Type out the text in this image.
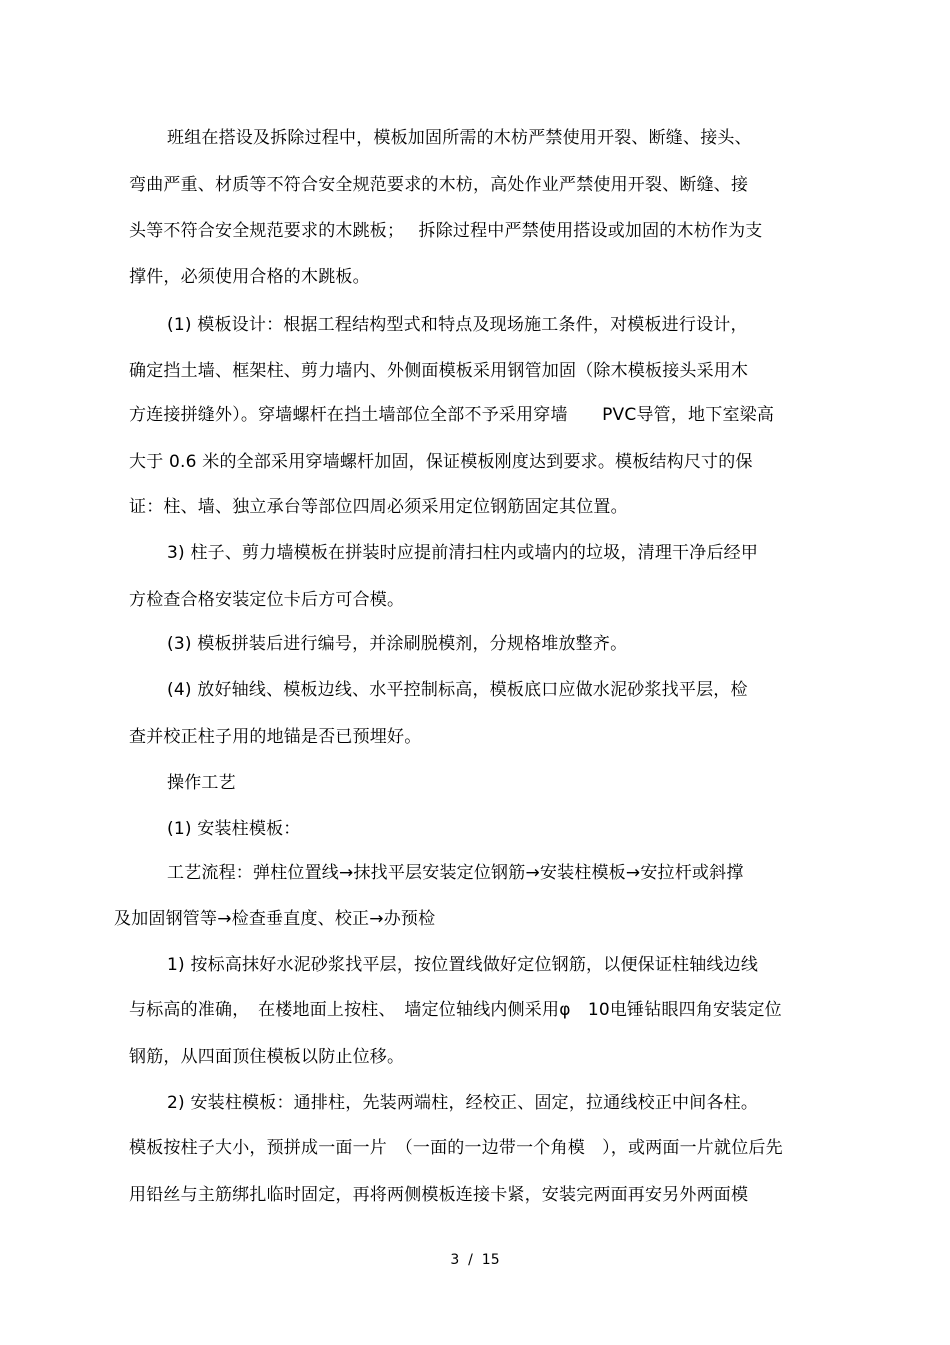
班组在搭设及拆除过程中，模板加固所需的木枋严禁使用开裂、断缝、接头、
弯曲严重、材质等不符合安全规范要求的木枋，高处作业严禁使用开裂、断缝、接
头等不符合安全规范要求的木跳板；　 拆除过程中严禁使用搭设或加固的木枋作为支
撑件，必须使用合格的木跳板。
(1) 模板设计：根据工程结构型式和特点及现场施工条件，对模板进行设计，
确定挡土墙、框架柱、剪力墙内、外侧面模板采用钢管加固（除木模板接头采用木
方连接拼缝外）。穿墙螺杆在挡土墙部位全部不予采用穿墙　　PVC导管，地下室梁高
大于 0.6 米的全部采用穿墙螺杆加固，保证模板刚度达到要求。模板结构尺寸的保
证：柱、墙、独立承台等部位四周必须采用定位钢筋固定其位置。
3) 柱子、剪力墙模板在拼装时应提前清扫柱内或墙内的垃圾，清理干净后经甲
方检查合格安装定位卡后方可合模。
(3) 模板拼装后进行编号，并涂刷脱模剂，分规格堆放整齐。
(4) 放好轴线、模板边线、水平控制标高，模板底口应做水泥砂浆找平层，检
查并校正柱子用的地锚是否已预埋好。
操作工艺
(1) 安装柱模板：
工艺流程：弹柱位置线→抹找平层安装定位钢筋→安装柱模板→安拉杆或斜撑
及加固钢管等→检查垂直度、校正→办预检
1) 按标高抹好水泥砂浆找平层，按位置线做好定位钢筋，以便保证柱轴线边线
与标高的准确，　在楼地面上按柱、　墙定位轴线内侧采用φ　10电锤钻眼四角安装定位
钢筋，从四面顶住模板以防止位移。
2) 安装柱模板：通排柱，先装两端柱，经校正、固定，拉通线校正中间各柱。
模板按柱子大小，预拼成一面一片　（一面的一边带一个角模　），或两面一片就位后先
用铅丝与主筋绑扎临时固定，再将两侧模板连接卡紧，安装完两面再安另外两面模
3  /  15
